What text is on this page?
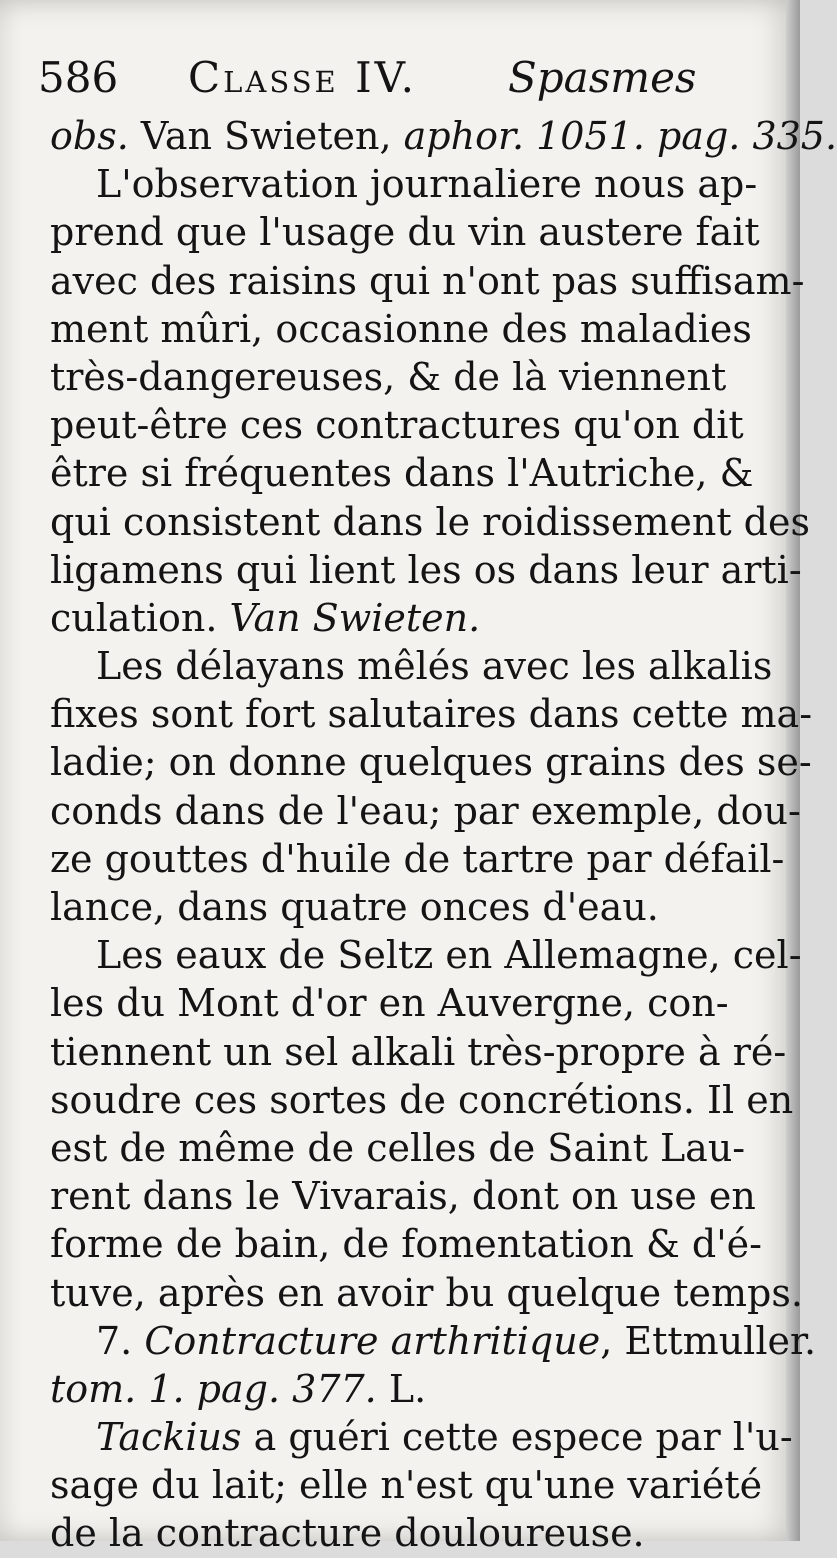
586 Classe IV. Spasmes
obs. Van Swieten, aphor. 1051. pag. 335.
L'observation journaliere nous ap-
prend que l'usage du vin austere fait
avec des raisins qui n'ont pas suffisam-
ment mûri, occasionne des maladies
très-dangereuses, & de là viennent
peut-être ces contractures qu'on dit
être si fréquentes dans l'Autriche, &
qui consistent dans le roidissement des
ligamens qui lient les os dans leur arti-
culation. Van Swieten.
Les délayans mêlés avec les alkalis
fixes sont fort salutaires dans cette ma-
ladie; on donne quelques grains des se-
conds dans de l'eau; par exemple, dou-
ze gouttes d'huile de tartre par défail-
lance, dans quatre onces d'eau.
Les eaux de Seltz en Allemagne, cel-
les du Mont d'or en Auvergne, con-
tiennent un sel alkali très-propre à ré-
soudre ces sortes de concrétions. Il en
est de même de celles de Saint Lau-
rent dans le Vivarais, dont on use en
forme de bain, de fomentation & d'é-
tuve, après en avoir bu quelque temps.
7. Contracture arthritique, Ettmuller.
tom. 1. pag. 377. L.
Tackius a guéri cette espece par l'u-
sage du lait; elle n'est qu'une variété
de la contracture douloureuse.
